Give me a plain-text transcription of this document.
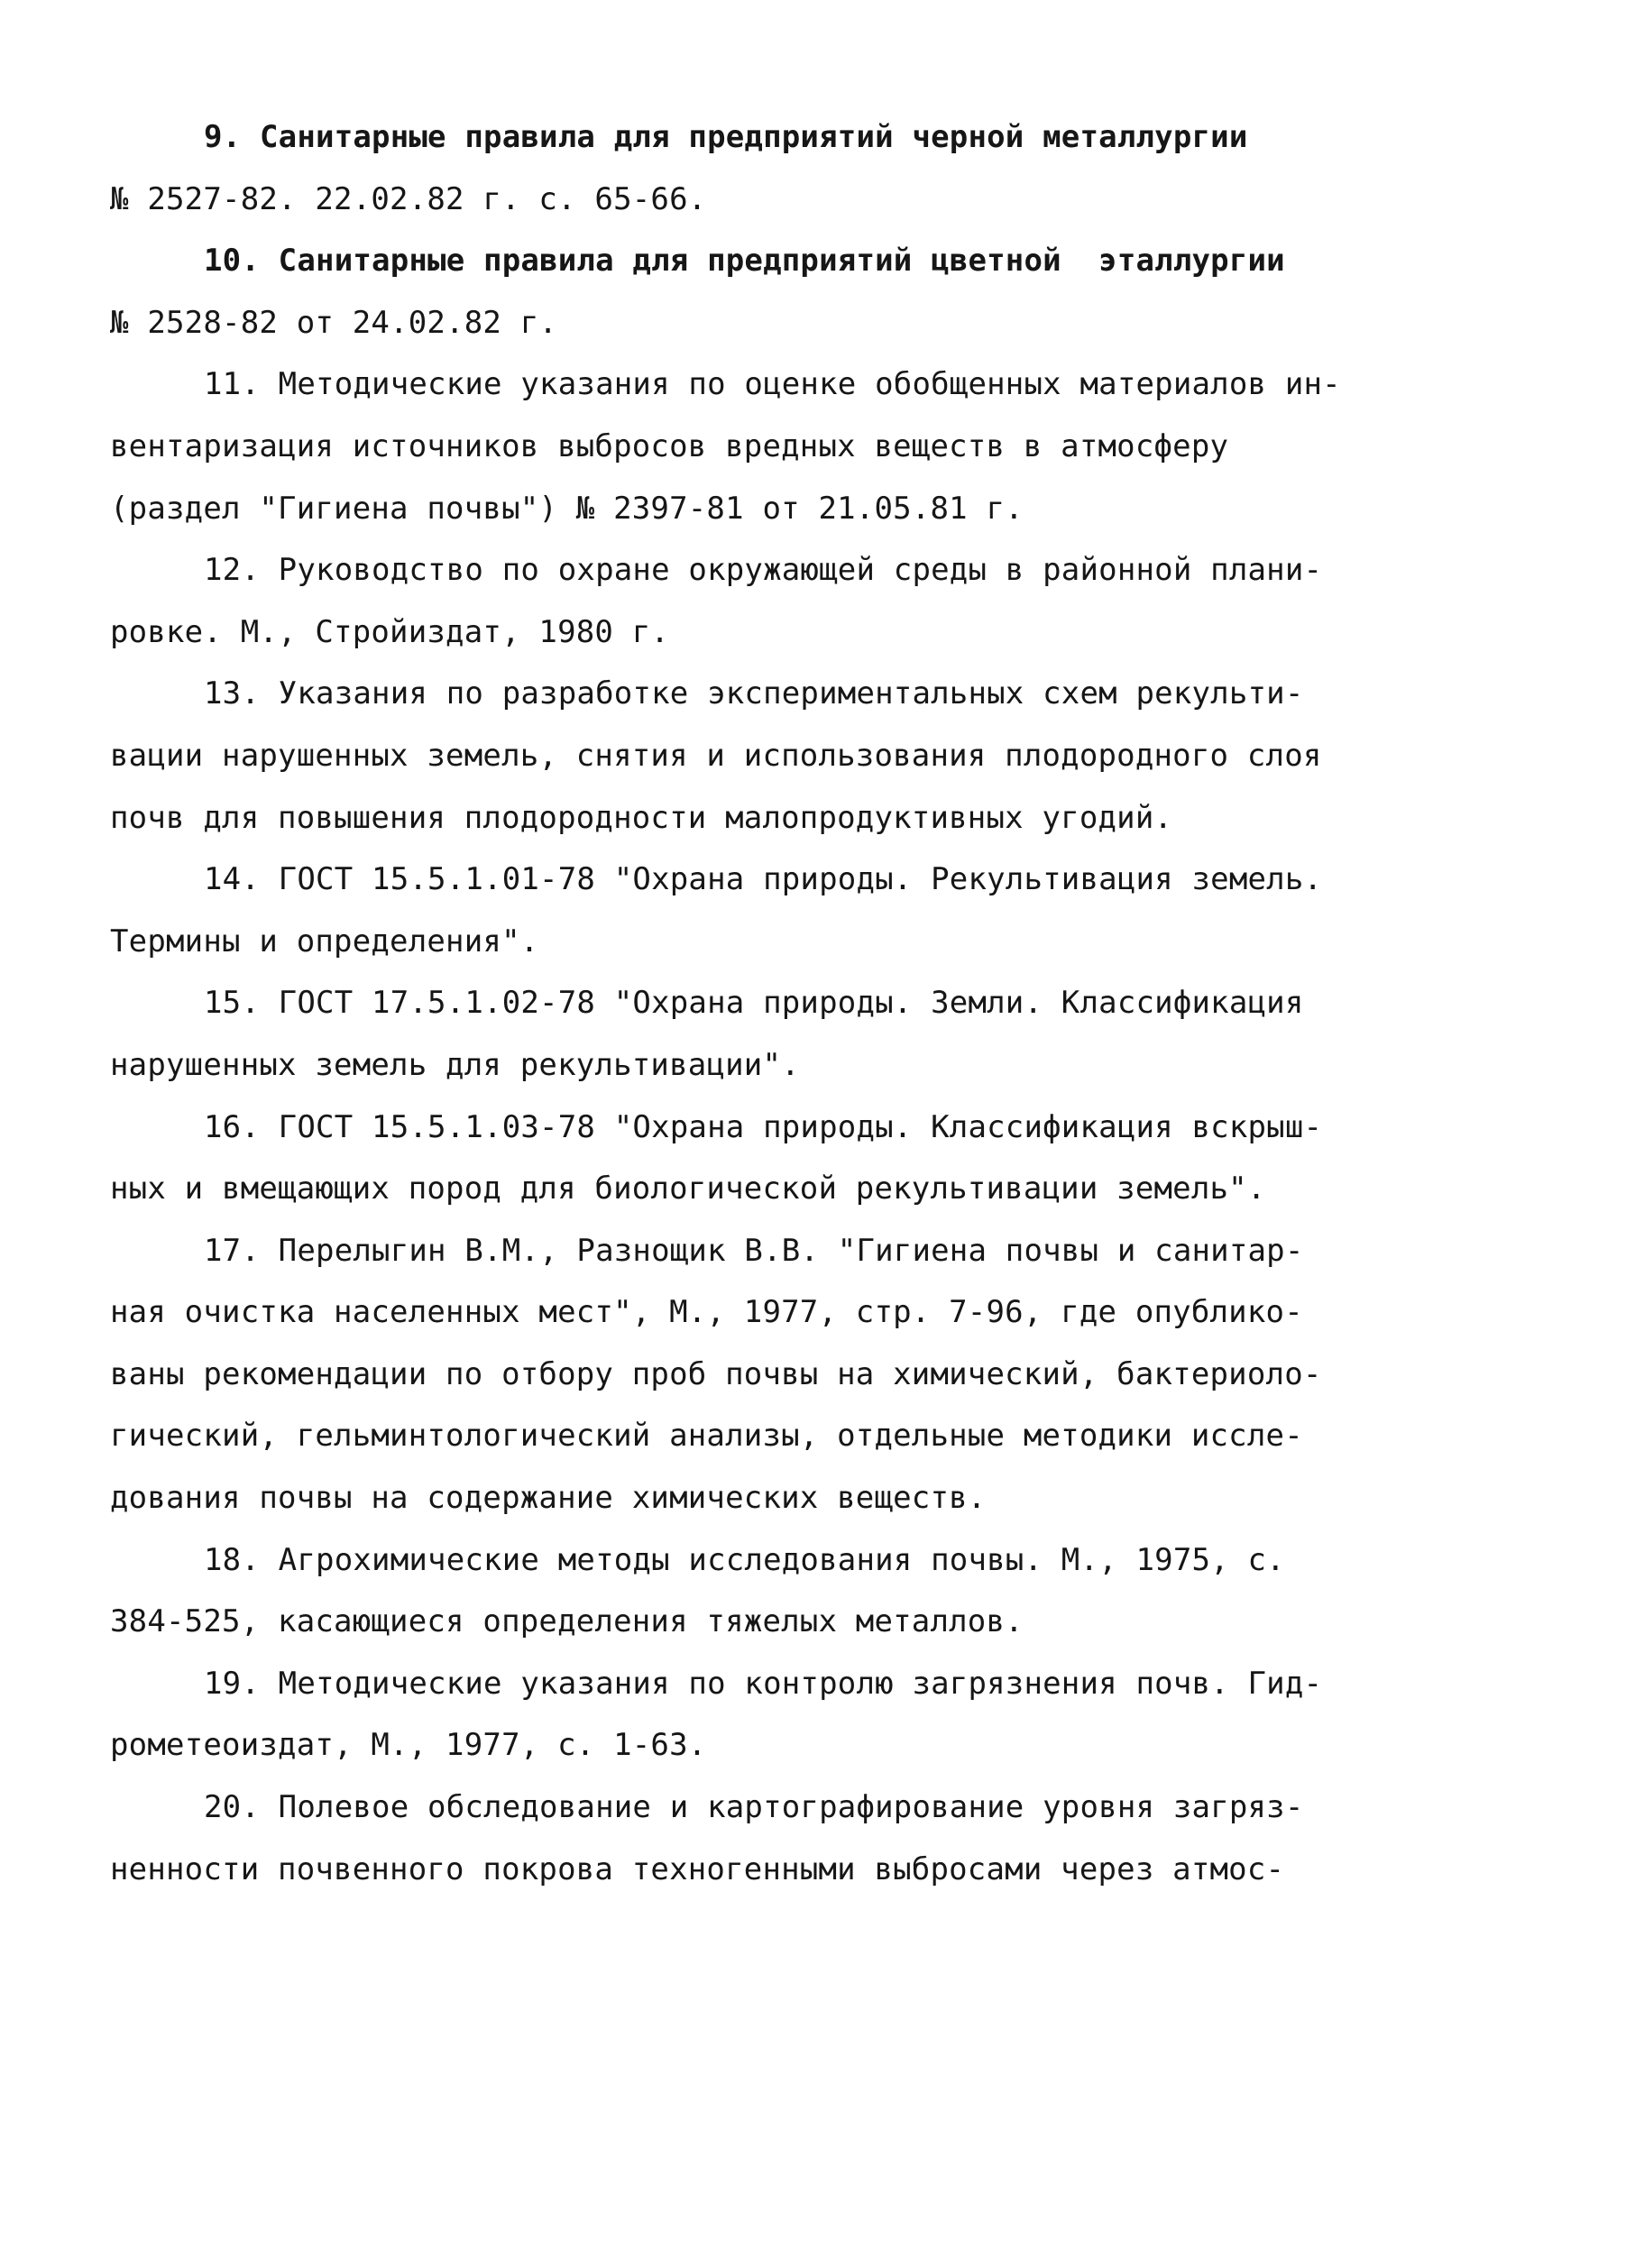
9. Санитарные правила для предприятий черной металлургии
№ 2527-82. 22.02.82 г. с. 65-66.
10. Санитарные правила для предприятий цветной  эталлургии
№ 2528-82 от 24.02.82 г.
11. Методические указания по оценке обобщенных материалов ин-
вентаризация источников выбросов вредных веществ в атмосферу
(раздел "Гигиена почвы") № 2397-81 от 21.05.81 г.
12. Руководство по охране окружающей среды в районной плани-
ровке. М., Стройиздат, 1980 г.
13. Указания по разработке экспериментальных схем рекульти-
вации нарушенных земель, снятия и использования плодородного слоя
почв для повышения плодородности малопродуктивных угодий.
14. ГОСТ 15.5.1.01-78 "Охрана природы. Рекультивация земель.
Термины и определения".
15. ГОСТ 17.5.1.02-78 "Охрана природы. Земли. Классификация
нарушенных земель для рекультивации".
16. ГОСТ 15.5.1.03-78 "Охрана природы. Классификация вскрыш-
ных и вмещающих пород для биологической рекультивации земель".
17. Перелыгин В.М., Разнощик В.В. "Гигиена почвы и санитар-
ная очистка населенных мест", М., 1977, стр. 7-96, где опублико-
ваны рекомендации по отбору проб почвы на химический, бактериоло-
гический, гельминтологический анализы, отдельные методики иссле-
дования почвы на содержание химических веществ.
18. Агрохимические методы исследования почвы. М., 1975, с.
384-525, касающиеся определения тяжелых металлов.
19. Методические указания по контролю загрязнения почв. Гид-
рометеоиздат, М., 1977, с. 1-63.
20. Полевое обследование и картографирование уровня загряз-
ненности почвенного покрова техногенными выбросами через атмос-
